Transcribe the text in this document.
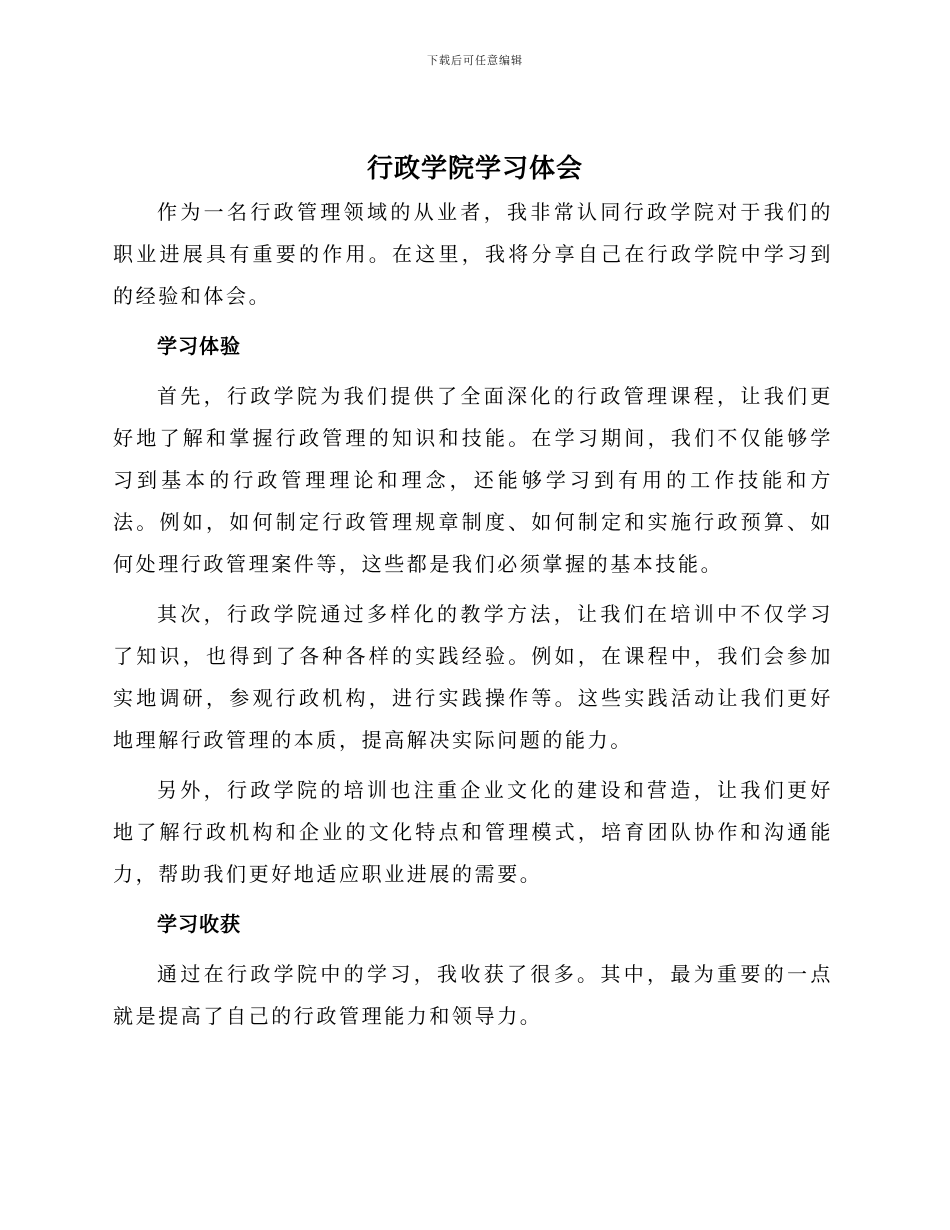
下载后可任意编辑
行政学院学习体会

作为一名行政管理领域的从业者，我非常认同行政学院对于我们的职业进展具有重要的作用。在这里，我将分享自己在行政学院中学习到的经验和体会。

学习体验

首先，行政学院为我们提供了全面深化的行政管理课程，让我们更好地了解和掌握行政管理的知识和技能。在学习期间，我们不仅能够学习到基本的行政管理理论和理念，还能够学习到有用的工作技能和方法。例如，如何制定行政管理规章制度、如何制定和实施行政预算、如何处理行政管理案件等，这些都是我们必须掌握的基本技能。

其次，行政学院通过多样化的教学方法，让我们在培训中不仅学习了知识，也得到了各种各样的实践经验。例如，在课程中，我们会参加实地调研，参观行政机构，进行实践操作等。这些实践活动让我们更好地理解行政管理的本质，提高解决实际问题的能力。

另外，行政学院的培训也注重企业文化的建设和营造，让我们更好地了解行政机构和企业的文化特点和管理模式，培育团队协作和沟通能力，帮助我们更好地适应职业进展的需要。

学习收获

通过在行政学院中的学习，我收获了很多。其中，最为重要的一点就是提高了自己的行政管理能力和领导力。
